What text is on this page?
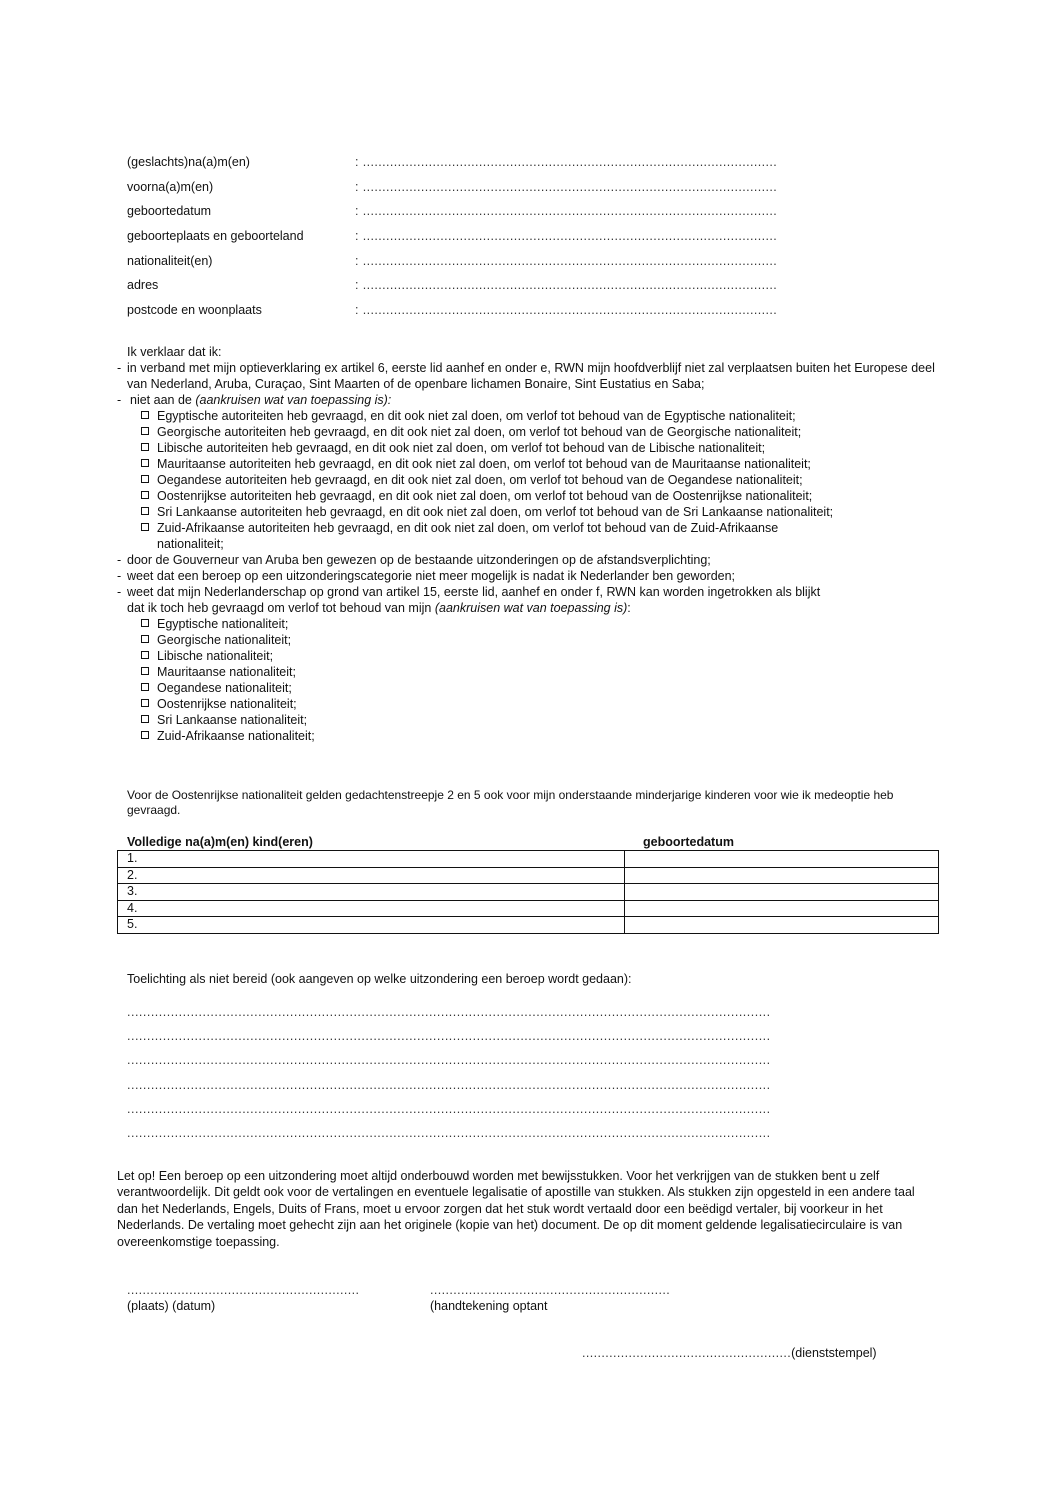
(geslachts)na(a)m(en)	: ...........................................................................................................
voorna(a)m(en)	: ...........................................................................................................
geboortedatum	: ...........................................................................................................
geboorteplaats en geboorteland	: ...........................................................................................................
nationaliteit(en)	: ...........................................................................................................
adres	: ...........................................................................................................
postcode en woonplaats	: ...........................................................................................................

Ik verklaar dat ik:

- in verband met mijn optieverklaring ex artikel 6, eerste lid aanhef en onder e, RWN mijn hoofdverblijf niet zal verplaatsen buiten het Europese deel van Nederland, Aruba, Curaçao, Sint Maarten of de openbare lichamen Bonaire, Sint Eustatius en Saba;
- niet aan de (aankruisen wat van toepassing is):
Egyptische autoriteiten heb gevraagd, en dit ook niet zal doen, om verlof tot behoud van de Egyptische nationaliteit;
Georgische autoriteiten heb gevraagd, en dit ook niet zal doen, om verlof tot behoud van de Georgische nationaliteit;
Libische autoriteiten heb gevraagd, en dit ook niet zal doen, om verlof tot behoud van de Libische nationaliteit;
Mauritaanse autoriteiten heb gevraagd, en dit ook niet zal doen, om verlof tot behoud van de Mauritaanse nationaliteit;
Oegandese autoriteiten heb gevraagd, en dit ook niet zal doen, om verlof tot behoud van de Oegandese nationaliteit;
Oostenrijkse autoriteiten heb gevraagd, en dit ook niet zal doen, om verlof tot behoud van de Oostenrijkse nationaliteit;
Sri Lankaanse autoriteiten heb gevraagd, en dit ook niet zal doen, om verlof tot behoud van de Sri Lankaanse nationaliteit;
Zuid-Afrikaanse autoriteiten heb gevraagd, en dit ook niet zal doen, om verlof tot behoud van de Zuid-Afrikaanse
nationaliteit;
- door de Gouverneur van Aruba ben gewezen op de bestaande uitzonderingen op de afstandsverplichting;
- weet dat een beroep op een uitzonderingscategorie niet meer mogelijk is nadat ik Nederlander ben geworden;
- weet dat mijn Nederlanderschap op grond van artikel 15, eerste lid, aanhef en onder f, RWN kan worden ingetrokken als blijkt
dat ik toch heb gevraagd om verlof tot behoud van mijn (aankruisen wat van toepassing is):
Egyptische nationaliteit;
Georgische nationaliteit;
Libische nationaliteit;
Mauritaanse nationaliteit;
Oegandese nationaliteit;
Oostenrijkse nationaliteit;
Sri Lankaanse nationaliteit;
Zuid-Afrikaanse nationaliteit;

Voor de Oostenrijkse nationaliteit gelden gedachtenstreepje 2 en 5 ook voor mijn onderstaande minderjarige kinderen voor wie ik medeoptie heb gevraagd.

Volledige na(a)m(en) kind(eren)	geboortedatum
1.	
2.	
3.	
4.	
5.	
Toelichting als niet bereid (ook aangeven op welke uitzondering een beroep wordt gedaan):
..................................................................................................................................................................
..................................................................................................................................................................
..................................................................................................................................................................
..................................................................................................................................................................
..................................................................................................................................................................
..................................................................................................................................................................

Let op! Een beroep op een uitzondering moet altijd onderbouwd worden met bewijsstukken. Voor het verkrijgen van de stukken bent u zelf verantwoordelijk. Dit geldt ook voor de vertalingen en eventuele legalisatie of apostille van stukken. Als stukken zijn opgesteld in een andere taal dan het Nederlands, Engels, Duits of Frans, moet u ervoor zorgen dat het stuk wordt vertaald door een beëdigd vertaler, bij voorkeur in het Nederlands. De vertaling moet gehecht zijn aan het originele (kopie van het) document. De op dit moment geldende legalisatiecirculaire is van overeenkomstige toepassing.

............................................................
(plaats) (datum)
..............................................................
(handtekening optant
......................................................(dienststempel)
